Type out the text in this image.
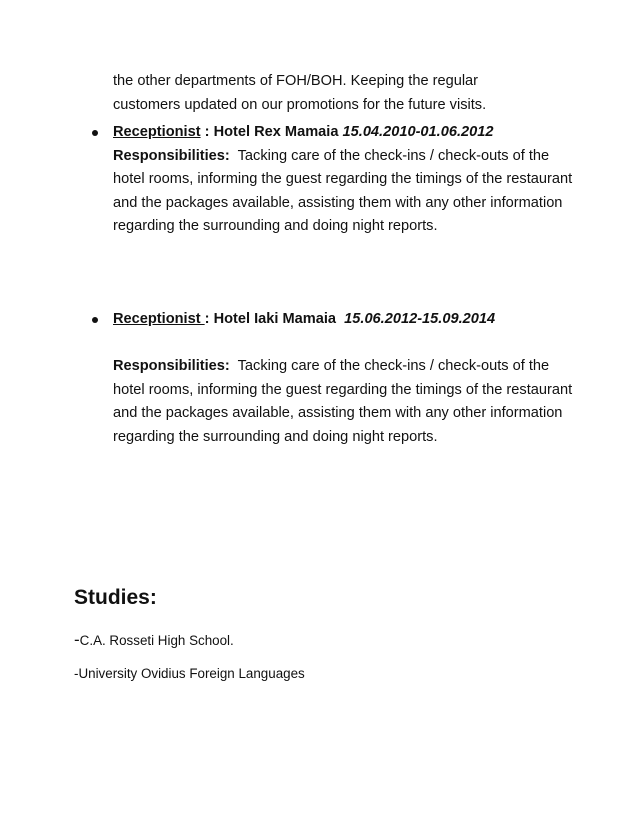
the other departments of FOH/BOH. Keeping the regular
customers updated on our promotions for the future visits.
Receptionist : Hotel Rex Mamaia 15.04.2010-01.06.2012
Responsibilities: Tacking care of the check-ins / check-outs of the hotel rooms, informing the guest regarding the timings of the restaurant and the packages available, assisting them with any other information regarding the surrounding and doing night reports.
Receptionist : Hotel Iaki Mamaia 15.06.2012-15.09.2014
Responsibilities: Tacking care of the check-ins / check-outs of the hotel rooms, informing the guest regarding the timings of the restaurant and the packages available, assisting them with any other information regarding the surrounding and doing night reports.
Studies:
-C.A. Rosseti High School.
-University Ovidius Foreign Languages
